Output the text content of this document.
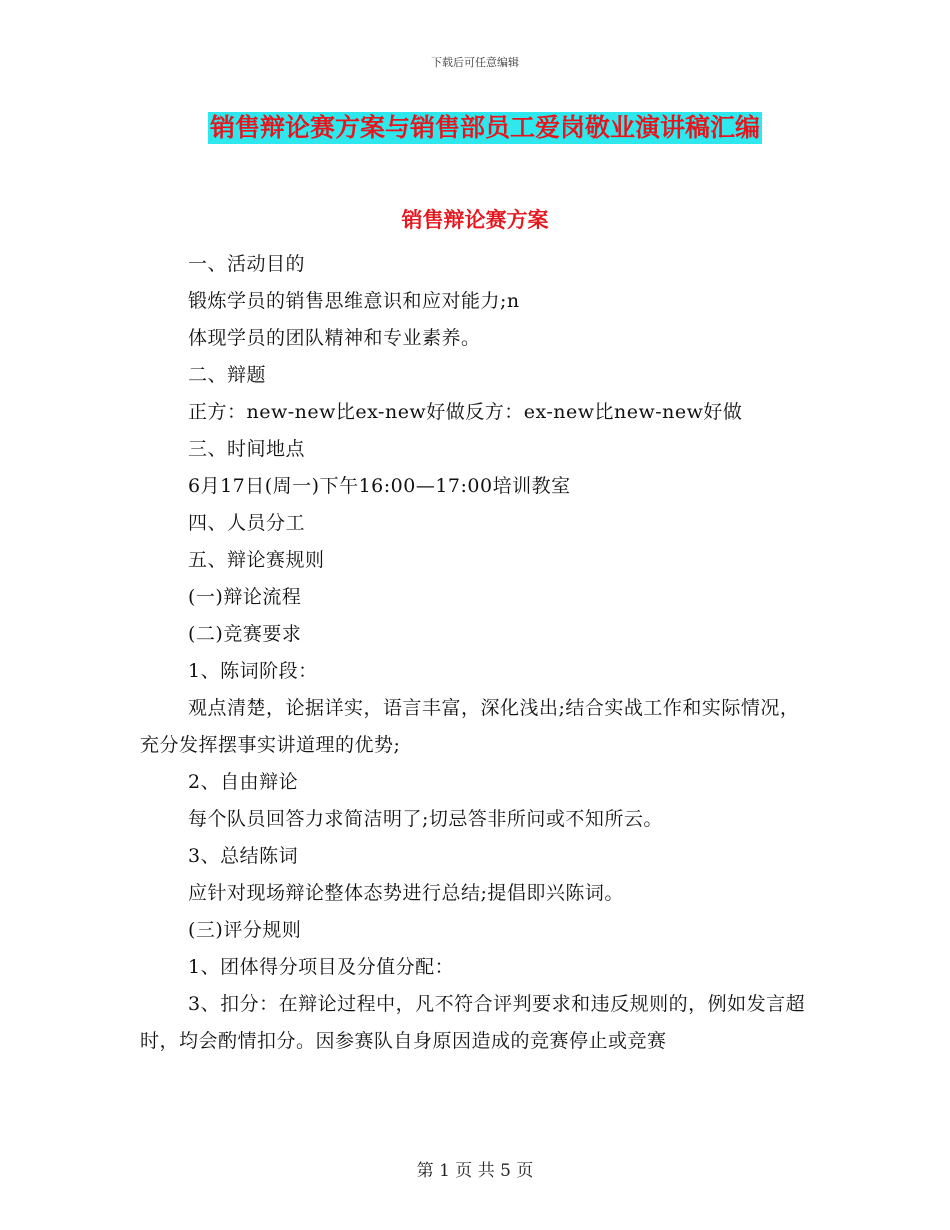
下载后可任意编辑
销售辩论赛方案与销售部员工爱岗敬业演讲稿汇编
销售辩论赛方案
一、活动目的
锻炼学员的销售思维意识和应对能力;n
体现学员的团队精神和专业素养。
二、辩题
正方：new-new比ex-new好做反方：ex-new比new-new好做
三、时间地点
6月17日(周一)下午16:00—17:00培训教室
四、人员分工
五、辩论赛规则
(一)辩论流程
(二)竞赛要求
1、陈词阶段：
观点清楚，论据详实，语言丰富，深化浅出;结合实战工作和实际情况，充分发挥摆事实讲道理的优势;
2、自由辩论
每个队员回答力求简洁明了;切忌答非所问或不知所云。
3、总结陈词
应针对现场辩论整体态势进行总结;提倡即兴陈词。
(三)评分规则
1、团体得分项目及分值分配：
3、扣分：在辩论过程中，凡不符合评判要求和违反规则的，例如发言超时，均会酌情扣分。因参赛队自身原因造成的竞赛停止或竞赛
第 1 页 共 5 页
